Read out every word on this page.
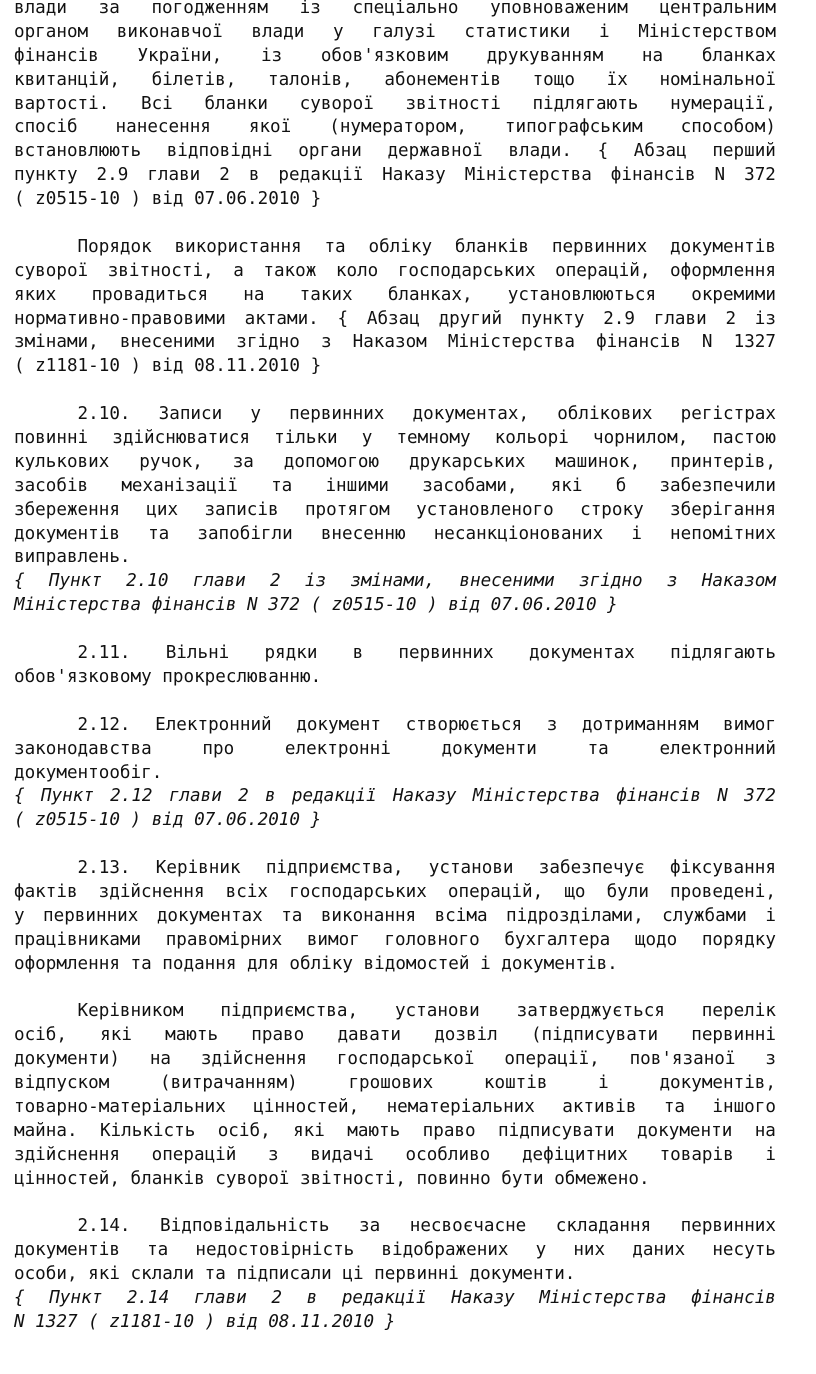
влади за погодженням із спеціально уповноваженим центральним
органом виконавчої влади у галузі статистики і Міністерством
фінансів України, із обов'язковим друкуванням на бланках
квитанцій, білетів, талонів, абонементів тощо їх номінальної
вартості. Всі бланки суворої звітності підлягають нумерації,
спосіб нанесення якої (нумератором, типографським способом)
встановлюють відповідні органи державної влади. { Абзац перший
пункту 2.9 глави 2 в редакції Наказу Міністерства фінансів N 372
( z0515-10 ) від 07.06.2010 }
Порядок використання та обліку бланків первинних документів
суворої звітності, а також коло господарських операцій, оформлення
яких провадиться на таких бланках, установлюються окремими
нормативно-правовими актами. { Абзац другий пункту 2.9 глави 2 із
змінами, внесеними згідно з Наказом Міністерства фінансів N 1327
( z1181-10 ) від 08.11.2010 }
2.10. Записи у первинних документах, облікових регістрах
повинні здійснюватися тільки у темному кольорі чорнилом, пастою
кулькових ручок, за допомогою друкарських машинок, принтерів,
засобів механізації та іншими засобами, які б забезпечили
збереження цих записів протягом установленого строку зберігання
документів та запобігли внесенню несанкціонованих і непомітних
виправлень.
{ Пункт 2.10 глави 2 із змінами, внесеними згідно з Наказом
Міністерства фінансів N 372 ( z0515-10 ) від 07.06.2010 }
2.11. Вільні рядки в первинних документах підлягають
обов'язковому прокреслюванню.
2.12. Електронний документ створюється з дотриманням вимог
законодавства	про	електронні	документи	та	електронний
документообіг.
{ Пункт 2.12 глави 2 в редакції Наказу Міністерства фінансів N 372
( z0515-10 ) від 07.06.2010 }
2.13. Керівник підприємства, установи забезпечує фіксування
фактів здійснення всіх господарських операцій, що були проведені,
у первинних документах та виконання всіма підрозділами, службами і
працівниками правомірних вимог головного бухгалтера щодо порядку
оформлення та подання для обліку відомостей і документів.
Керівником підприємства, установи затверджується перелік
осіб, які мають право давати дозвіл (підписувати первинні
документи) на здійснення господарської операції, пов'язаної з
відпуском	(витрачанням)	грошових	коштів	і	документів,
товарно-матеріальних цінностей, нематеріальних активів та іншого
майна. Кількість осіб, які мають право підписувати документи на
здійснення операцій з видачі особливо дефіцитних товарів і
цінностей, бланків суворої звітності, повинно бути обмежено.
2.14. Відповідальність за несвоєчасне складання первинних
документів та недостовірність відображених у них даних несуть
особи, які склали та підписали ці первинні документи.
{ Пункт 2.14 глави 2 в редакції Наказу Міністерства фінансів
N 1327 ( z1181-10 ) від 08.11.2010 }
